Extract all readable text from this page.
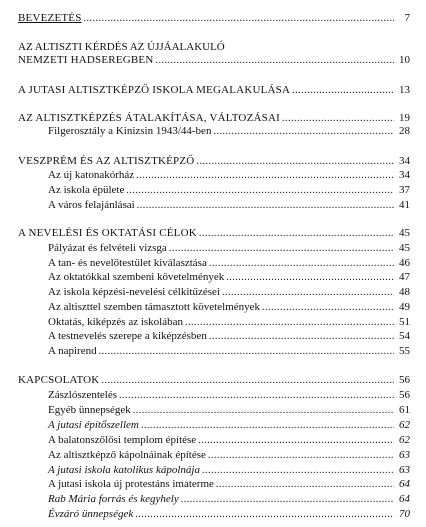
BEVEZETÉS .....	7
AZ ALTISZTI KÉRDÉS AZ ÚJJÁALAKULÓ
NEMZETI HADSEREGBEN .....	10
A JUTASI ALTISZTKÉPZŐ ISKOLA MEGALAKULÁSA .....	13
AZ ALTISZTKÉPZÉS ÁTALAKÍTÁSA, VÁLTOZÁSAI .....	19
Filgerosztály a Kinizsin 1943/44-ben .....	28
VESZPRÉM ÉS AZ ALTISZTKÉPZŐ .....	34
Az új katonakórház .....	34
Az iskola épülete .....	37
A város felajánlásai .....	41
A NEVELÉSI ÉS OKTATÁSI CÉLOK .....	45
Pályázat és felvételi vizsga .....	45
A tan- és nevelőtestület kiválasztása .....	46
Az oktatókkal szembeni követelmények .....	47
Az iskola képzési-nevelési célkitűzései .....	48
Az altiszttel szemben támasztott követelmények .....	49
Oktatás, kiképzés az iskolában .....	51
A testnevelés szerepe a kiképzésben .....	54
A napirend .....	55
KAPCSOLATOK .....	56
Zászlószentelés .....	56
Egyéb ünnepségek .....	61
A jutasi építőszellem .....	62
A balatonszőlősi templom építése .....	62
Az altisztképző kápolnáinak építése .....	63
A jutasi iskola katolikus kápolnája .....	63
A jutasi iskola új protestáns imaterme .....	64
Rab Mária forrás és kegyhely .....	64
Évzáró ünnepségek .....	70
